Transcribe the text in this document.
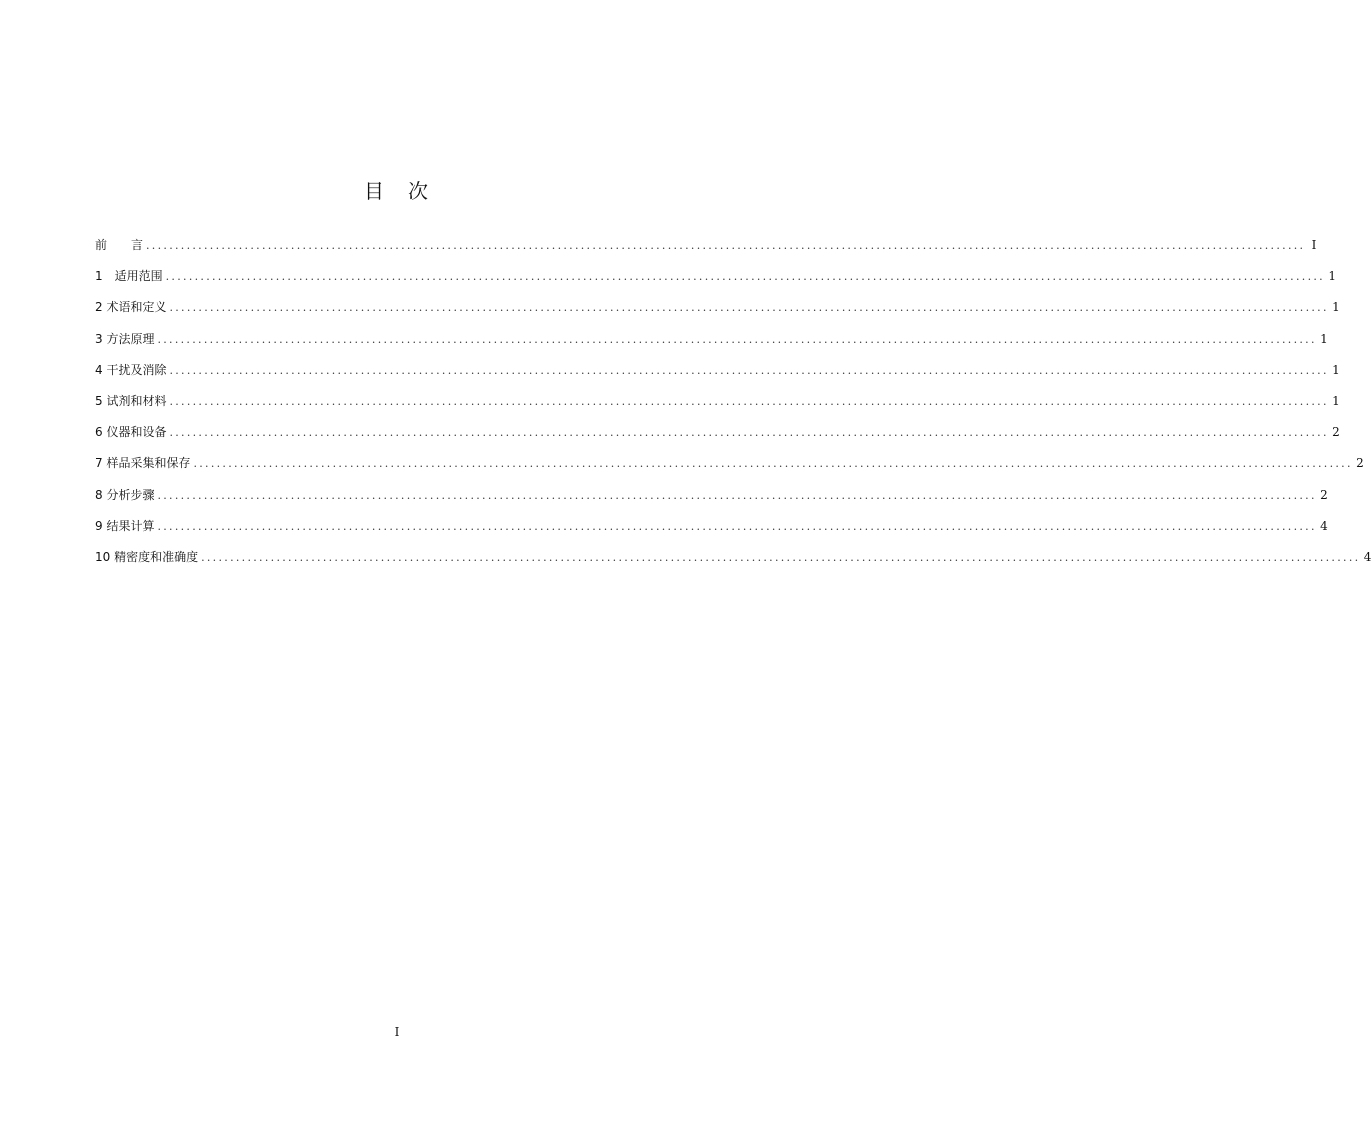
目　次
前　　言 ........................................................................................................................................................................................................ I
1　适用范围 ........................................................................................................................................................................................................ 1
2 术语和定义 ........................................................................................................................................................................................................ 1
3 方法原理 ........................................................................................................................................................................................................ 1
4 干扰及消除 ........................................................................................................................................................................................................ 1
5 试剂和材料 ........................................................................................................................................................................................................ 1
6 仪器和设备 ........................................................................................................................................................................................................ 2
7 样品采集和保存 ........................................................................................................................................................................................................ 2
8 分析步骤 ........................................................................................................................................................................................................ 2
9 结果计算 ........................................................................................................................................................................................................ 4
10 精密度和准确度 ........................................................................................................................................................................................................ 4
I
